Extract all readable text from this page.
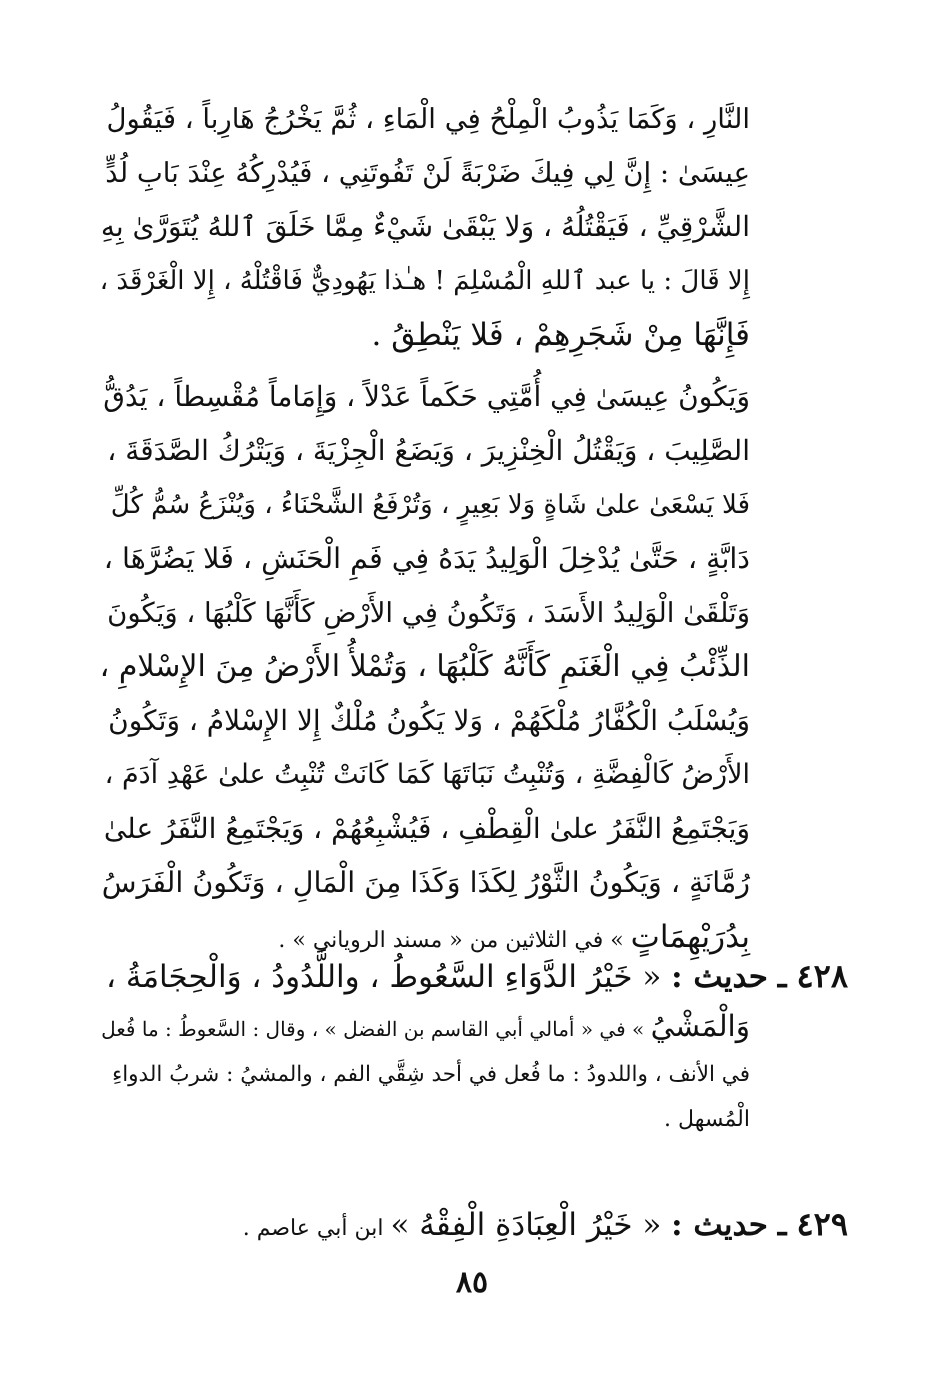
النَّارِ ، وَكَمَا يَذُوبُ الْمِلْحُ فِي الْمَاءِ ، ثُمَّ يَخْرُجُ هَارِباً ، فَيَقُولُ
عِيسَىٰ : إِنَّ لِي فِيكَ ضَرْبَةً لَنْ تَفُوتَنِي ، فَيُدْرِكُهُ عِنْدَ بَابِ لُدٍّ
الشَّرْقِيِّ ، فَيَقْتُلُهُ ، وَلا يَبْقَىٰ شَيْءٌ مِمَّا خَلَقَ ٱللهُ يُتَوَرَّىٰ بِهِ
إِلا قَالَ : يا عبد ٱللهِ الْمُسْلِمَ ! هـٰذا يَهُودِيٌّ فَاقْتُلْهُ ، إِلا الْغَرْقَدَ ،
فَإِنَّهَا مِنْ شَجَرِهِمْ ، فَلا يَنْطِقُ .
وَيَكُونُ عِيسَىٰ فِي أُمَّتِي حَكَماً عَدْلاً ، وَإِمَاماً مُقْسِطاً ، يَدُقُّ
الصَّلِيبَ ، وَيَقْتُلُ الْخِنْزِيرَ ، وَيَضَعُ الْجِزْيَةَ ، وَيَتْرُكُ الصَّدَقَةَ ،
فَلا يَسْعَىٰ علىٰ شَاةٍ وَلا بَعِيرٍ ، وَتُرْفَعُ الشَّحْنَاءُ ، وَيُنْزَعُ سُمُّ كُلِّ
دَابَّةٍ ، حَتَّىٰ يُدْخِلَ الْوَلِيدُ يَدَهُ فِي فَمِ الْحَنَشِ ، فَلا يَضُرَّهَا ،
وَتَلْقَىٰ الْوَلِيدُ الأَسَدَ ، وَتَكُونُ فِي الأَرْضِ كَأَنَّهَا كَلْبُهَا ، وَيَكُونَ
الذِّئْبُ فِي الْغَنَمِ كَأَنَّهُ كَلْبُهَا ، وَتُمْلأُ الأَرْضُ مِنَ الإِسْلامِ ،
وَيُسْلَبُ الْكُفَّارُ مُلْكَهُمْ ، وَلا يَكُونُ مُلْكٌ إِلا الإِسْلامُ ، وَتَكُونُ
الأَرْضُ كَالْفِضَّةِ ، وَتُنْبِتُ نَبَاتَهَا كَمَا كَانَتْ تُنْبِتُ علىٰ عَهْدِ آدَمَ ،
وَيَجْتَمِعُ النَّفَرُ علىٰ الْقِطْفِ ، فَيُشْبِعُهُمْ ، وَيَجْتَمِعُ النَّفَرُ علىٰ
رُمَّانَةٍ ، وَيَكُونُ الثَّوْرُ لِكَذَا وَكَذَا مِنَ الْمَالِ ، وَتَكُونُ الْفَرَسُ
بِدُرَيْهِمَاتٍ » في الثلاثين من « مسند الروياني » .
٤٢٨ ـ حديث : « خَيْرُ الدَّوَاءِ السَّعُوطُ ، واللَّدُودُ ، وَالْحِجَامَةُ ،
وَالْمَشْيُ » في « أمالي أبي القاسم بن الفضل » ، وقال : السَّعوطُ : ما فُعل
في الأنف ، واللدودُ : ما فُعل في أحد شِقَّي الفم ، والمشيُ : شربُ الدواءِ
الْمُسهل .
٤٢٩ ـ حديث : « خَيْرُ الْعِبَادَةِ الْفِقْهُ » ابن أبي عاصم .
٨٥
